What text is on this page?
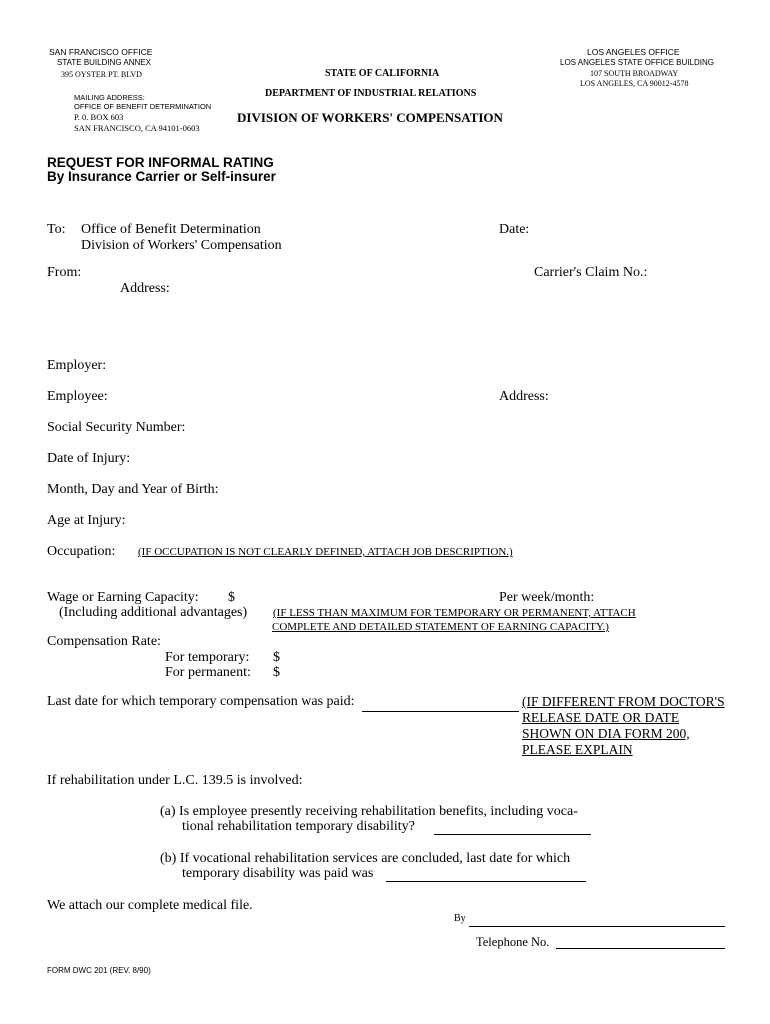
SAN FRANCISCO OFFICE
STATE BUILDING ANNEX
395 OYSTER PT. BLVD
LOS ANGELES OFFICE
LOS ANGELES STATE OFFICE BUILDING
107 SOUTH BROADWAY
LOS ANGELES, CA 90012-4578
STATE OF CALIFORNIA
DEPARTMENT OF INDUSTRIAL RELATIONS
DIVISION OF WORKERS' COMPENSATION
MAILING ADDRESS:
OFFICE OF BENEFIT DETERMINATION
P. 0. BOX 603
SAN FRANCISCO, CA 94101-0603
REQUEST FOR INFORMAL RATING
By Insurance Carrier or Self-insurer
To: Office of Benefit Determination
Division of Workers' Compensation
Date:
From:
Address:
Carrier's Claim No.:
Employer:
Employee:	Address:
Social Security Number:
Date of Injury:
Month, Day and Year of Birth:
Age at Injury:
Occupation: (IF OCCUPATION IS NOT CLEARLY DEFINED, ATTACH JOB DESCRIPTION.)
Wage or Earning Capacity: $	Per week/month:
(Including additional advantages) (IF LESS THAN MAXIMUM FOR TEMPORARY OR PERMANENT, ATTACH
COMPLETE AND DETAILED STATEMENT OF EARNING CAPACITY.)
Compensation Rate:
For temporary: $
For permanent: $
Last date for which temporary compensation was paid:	(IF DIFFERENT FROM DOCTOR'S
RELEASE DATE OR DATE
SHOWN ON DIA FORM 200,
PLEASE EXPLAIN
If rehabilitation under L.C. 139.5 is involved:
(a) Is employee presently receiving rehabilitation benefits, including voca-
tional rehabilitation temporary disability?
(b) If vocational rehabilitation services are concluded, last date for which
temporary disability was paid was
We attach our complete medical file.
By
Telephone No.
FORM DWC 201 (REV. 8/90)
